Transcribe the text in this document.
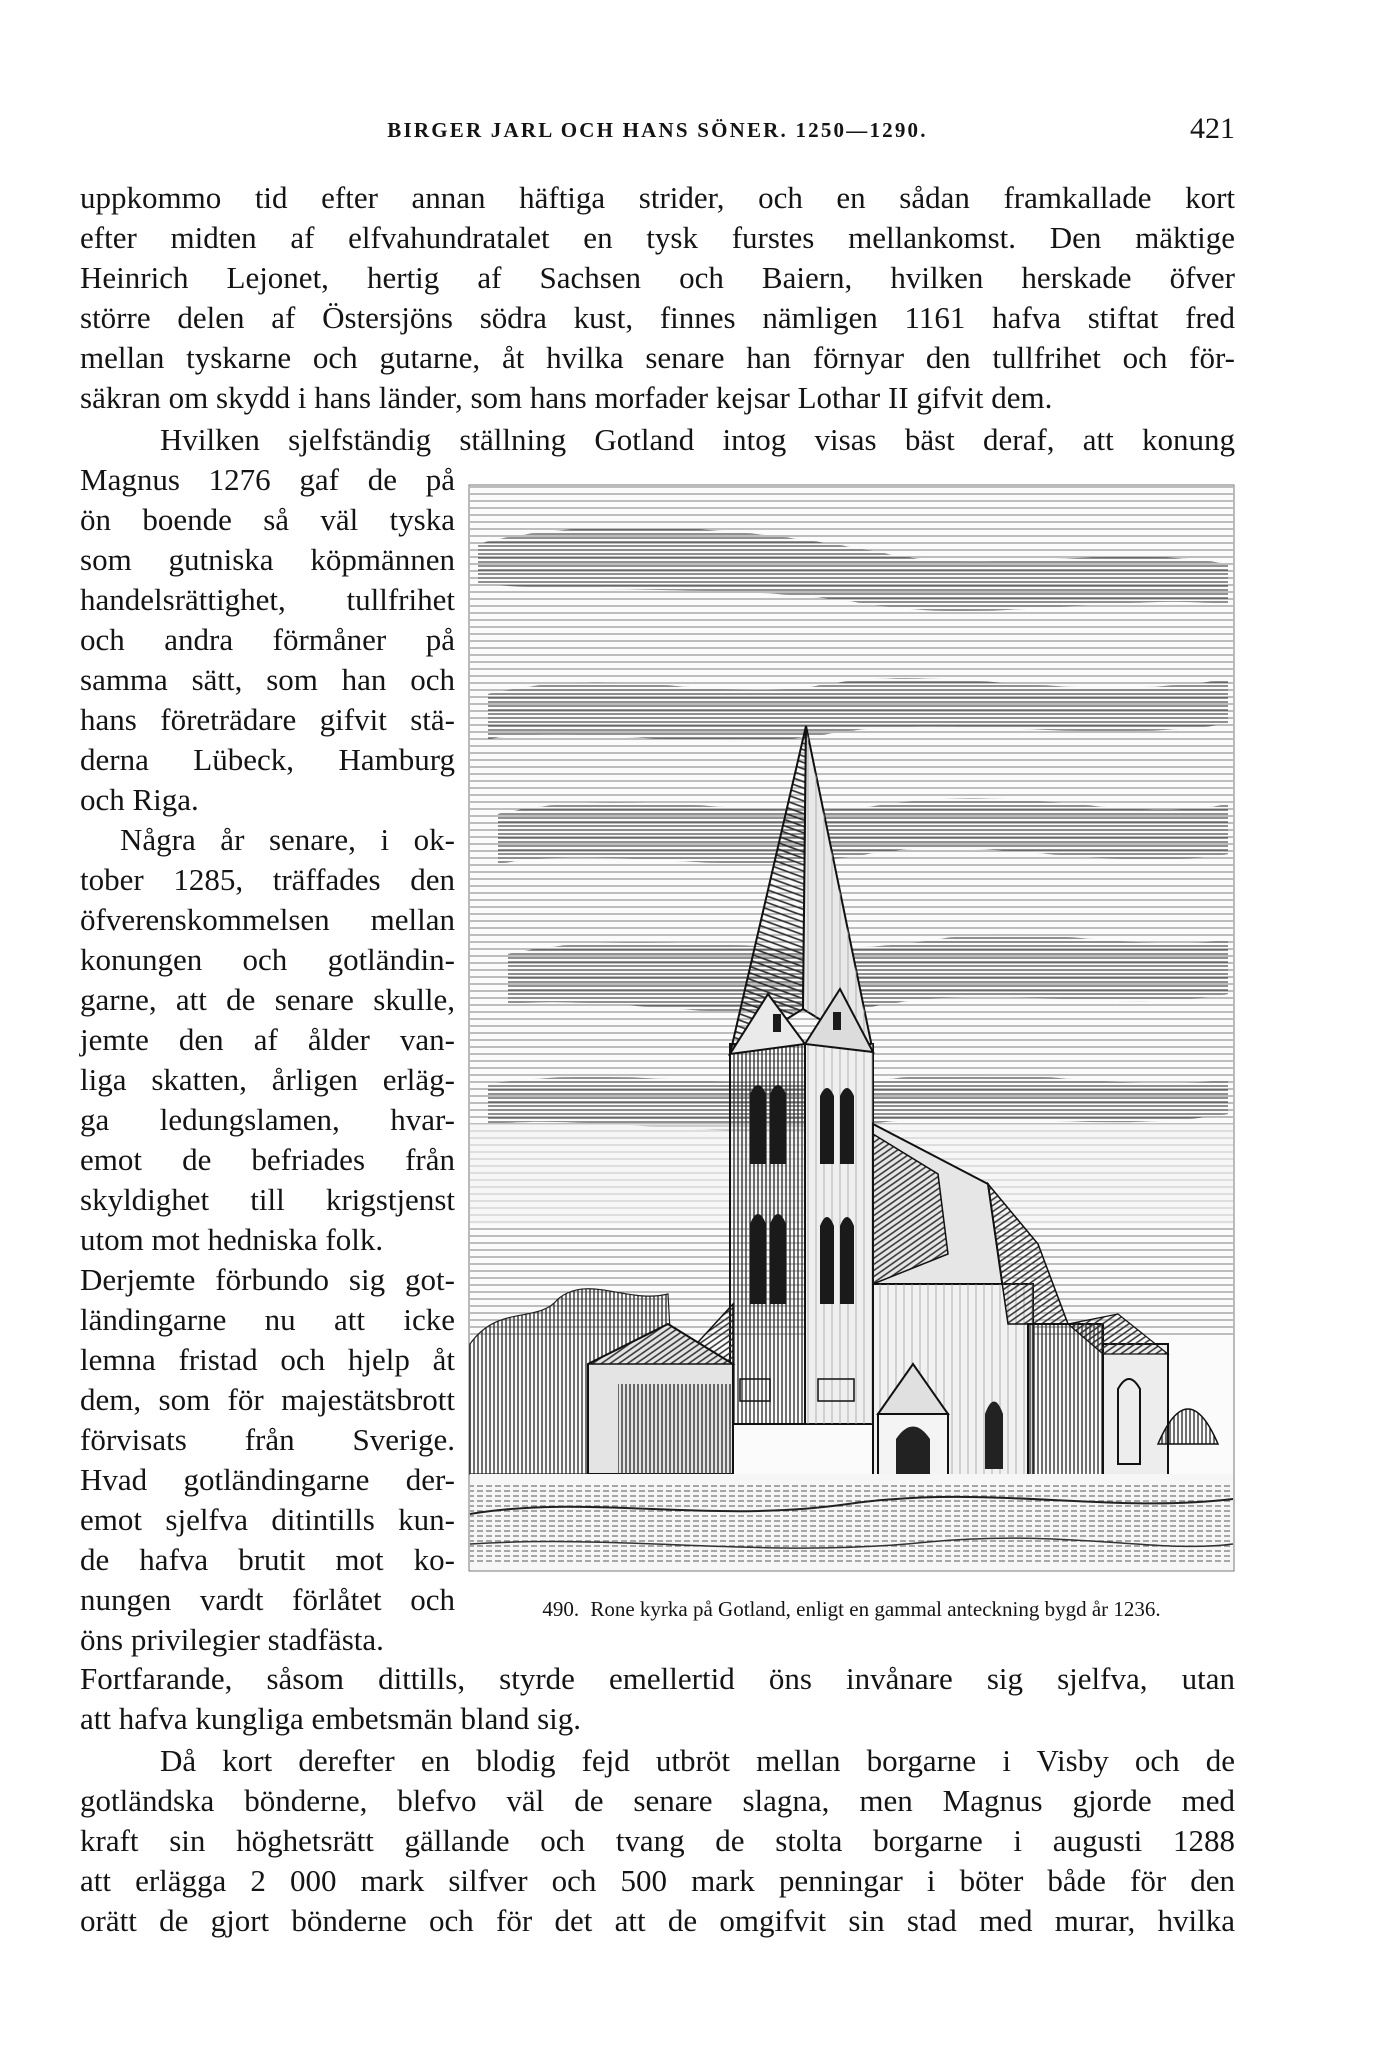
BIRGER JARL OCH HANS SÖNER. 1250—1290.	421
uppkommo tid efter annan häftiga strider, och en sådan framkallade kort
efter midten af elfvahundratalet en tysk furstes mellankomst. Den mäktige
Heinrich Lejonet, hertig af Sachsen och Baiern, hvilken herskade öfver
större delen af Östersjöns södra kust, finnes nämligen 1161 hafva stiftat fred
mellan tyskarne och gutarne, åt hvilka senare han förnyar den tullfrihet och för-
säkran om skydd i hans länder, som hans morfader kejsar Lothar II gifvit dem.
Hvilken sjelfständig ställning Gotland intog visas bäst deraf, att konung
Magnus 1276 gaf de på
ön boende så väl tyska
som gutniska köpmännen
handelsrättighet, tullfrihet
och andra förmåner på
samma sätt, som han och
hans företrädare gifvit stä-
derna Lübeck, Hamburg
och Riga.
Några år senare, i ok-
tober 1285, träffades den
öfverenskommelsen mellan
konungen och gotländin-
garne, att de senare skulle,
jemte den af ålder van-
liga skatten, årligen erläg-
ga ledungslamen, hvar-
emot de befriades från
skyldighet till krigstjenst
utom mot hedniska folk.
Derjemte förbundo sig got-
ländingarne nu att icke
lemna fristad och hjelp åt
dem, som för majestätsbrott
förvisats från Sverige.
Hvad gotländingarne der-
emot sjelfva ditintills kun-
de hafva brutit mot ko-
nungen vardt förlåtet och
öns privilegier stadfästa.
490. Rone kyrka på Gotland, enligt en gammal anteckning bygd år 1236.
Fortfarande, såsom dittills, styrde emellertid öns invånare sig sjelfva, utan
att hafva kungliga embetsmän bland sig.
Då kort derefter en blodig fejd utbröt mellan borgarne i Visby och de
gotländska bönderne, blefvo väl de senare slagna, men Magnus gjorde med
kraft sin höghetsrätt gällande och tvang de stolta borgarne i augusti 1288
att erlägga 2 000 mark silfver och 500 mark penningar i böter både för den
orätt de gjort bönderne och för det att de omgifvit sin stad med murar, hvilka
